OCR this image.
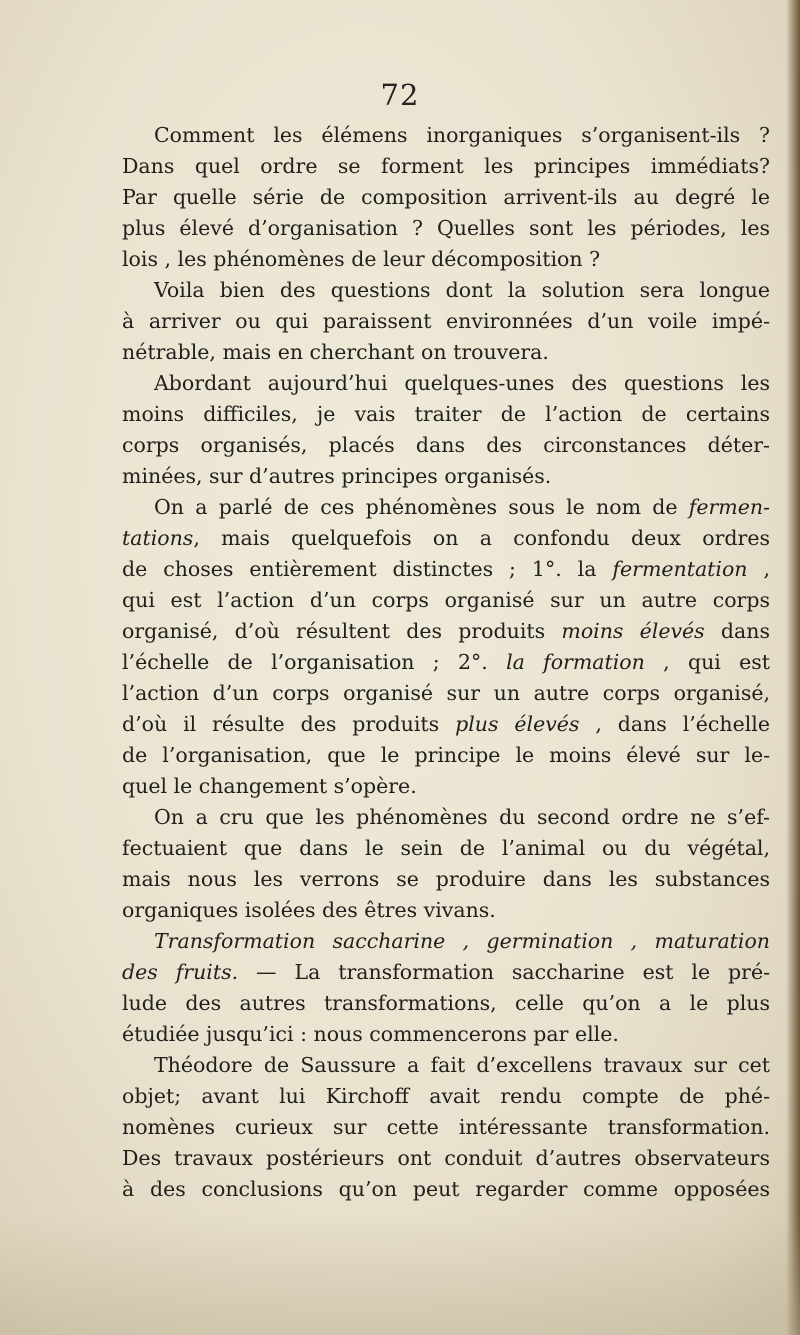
72
Comment les élémens inorganiques s’organisent-ils ?
Dans quel ordre se forment les principes immédiats?
Par quelle série de composition arrivent-ils au degré le
plus élevé d’organisation ? Quelles sont les périodes, les
lois , les phénomènes de leur décomposition ?
Voila bien des questions dont la solution sera longue
à arriver ou qui paraissent environnées d’un voile impé-
nétrable, mais en cherchant on trouvera.
Abordant aujourd’hui quelques-unes des questions les
moins difficiles, je vais traiter de l’action de certains
corps organisés, placés dans des circonstances déter-
minées, sur d’autres principes organisés.
On a parlé de ces phénomènes sous le nom de fermen-
tations, mais quelquefois on a confondu deux ordres
de choses entièrement distinctes ; 1°. la fermentation ,
qui est l’action d’un corps organisé sur un autre corps
organisé, d’où résultent des produits moins élevés dans
l’échelle de l’organisation ; 2°. la formation , qui est
l’action d’un corps organisé sur un autre corps organisé,
d’où il résulte des produits plus élevés , dans l’échelle
de l’organisation, que le principe le moins élevé sur le-
quel le changement s’opère.
On a cru que les phénomènes du second ordre ne s’ef-
fectuaient que dans le sein de l’animal ou du végétal,
mais nous les verrons se produire dans les substances
organiques isolées des êtres vivans.
Transformation saccharine , germination , maturation
des fruits. — La transformation saccharine est le pré-
lude des autres transformations, celle qu’on a le plus
étudiée jusqu’ici : nous commencerons par elle.
Théodore de Saussure a fait d’excellens travaux sur cet
objet; avant lui Kirchoff avait rendu compte de phé-
nomènes curieux sur cette intéressante transformation.
Des travaux postérieurs ont conduit d’autres observateurs
à des conclusions qu’on peut regarder comme opposées
